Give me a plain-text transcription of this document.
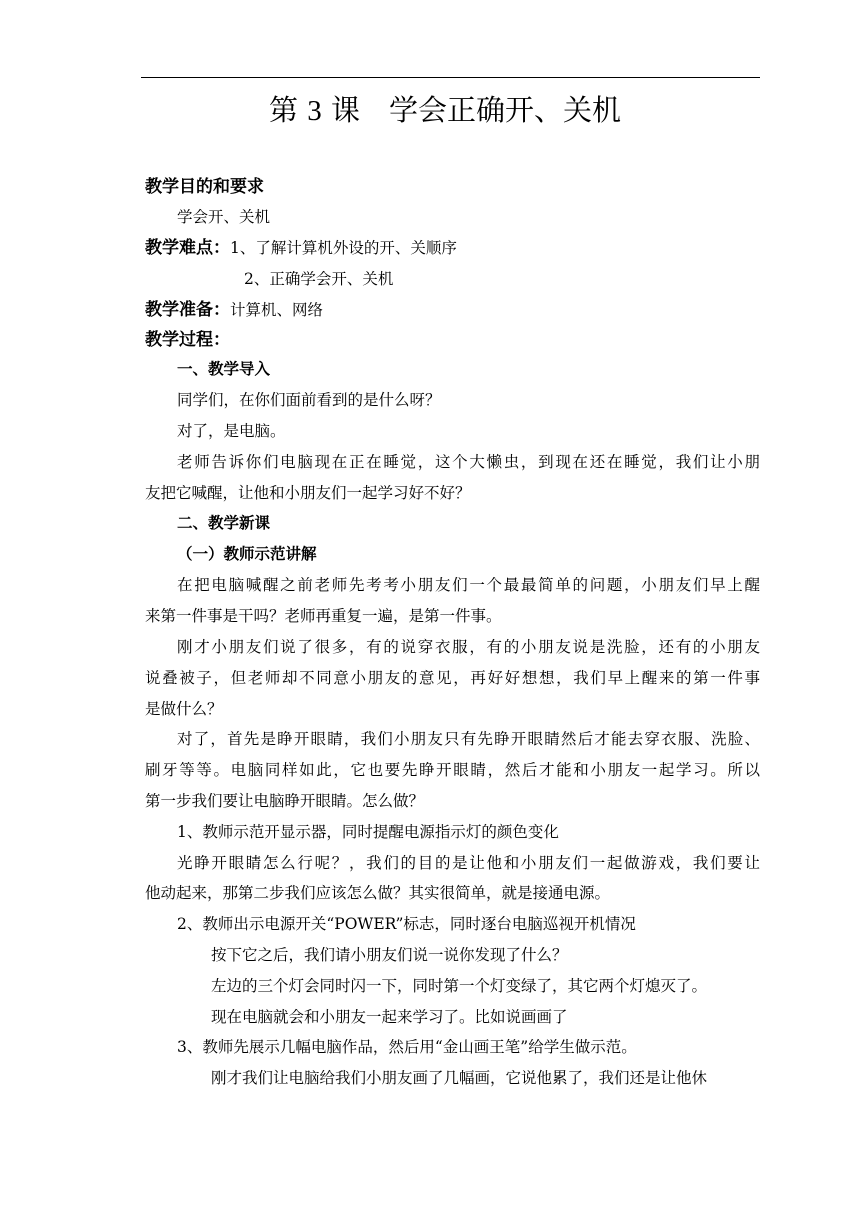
第 3 课　学会正确开、关机
教学目的和要求
学会开、关机
教学难点：1、了解计算机外设的开、关顺序
2、正确学会开、关机
教学准备：计算机、网络
教学过程：
一、教学导入
同学们，在你们面前看到的是什么呀？
对了，是电脑。
老师告诉你们电脑现在正在睡觉，这个大懒虫，到现在还在睡觉，我们让小朋
友把它喊醒，让他和小朋友们一起学习好不好？
二、教学新课
（一）教师示范讲解
在把电脑喊醒之前老师先考考小朋友们一个最最简单的问题，小朋友们早上醒
来第一件事是干吗？老师再重复一遍，是第一件事。
刚才小朋友们说了很多，有的说穿衣服，有的小朋友说是洗脸，还有的小朋友
说叠被子，但老师却不同意小朋友的意见，再好好想想，我们早上醒来的第一件事
是做什么？
对了，首先是睁开眼睛，我们小朋友只有先睁开眼睛然后才能去穿衣服、洗脸、
刷牙等等。电脑同样如此，它也要先睁开眼睛，然后才能和小朋友一起学习。所以
第一步我们要让电脑睁开眼睛。怎么做？
1、教师示范开显示器，同时提醒电源指示灯的颜色变化
光睁开眼睛怎么行呢？，我们的目的是让他和小朋友们一起做游戏，我们要让
他动起来，那第二步我们应该怎么做？其实很简单，就是接通电源。
2、教师出示电源开关“POWER”标志，同时逐台电脑巡视开机情况
按下它之后，我们请小朋友们说一说你发现了什么？
左边的三个灯会同时闪一下，同时第一个灯变绿了，其它两个灯熄灭了。
现在电脑就会和小朋友一起来学习了。比如说画画了
3、教师先展示几幅电脑作品，然后用“金山画王笔”给学生做示范。
刚才我们让电脑给我们小朋友画了几幅画，它说他累了，我们还是让他休
